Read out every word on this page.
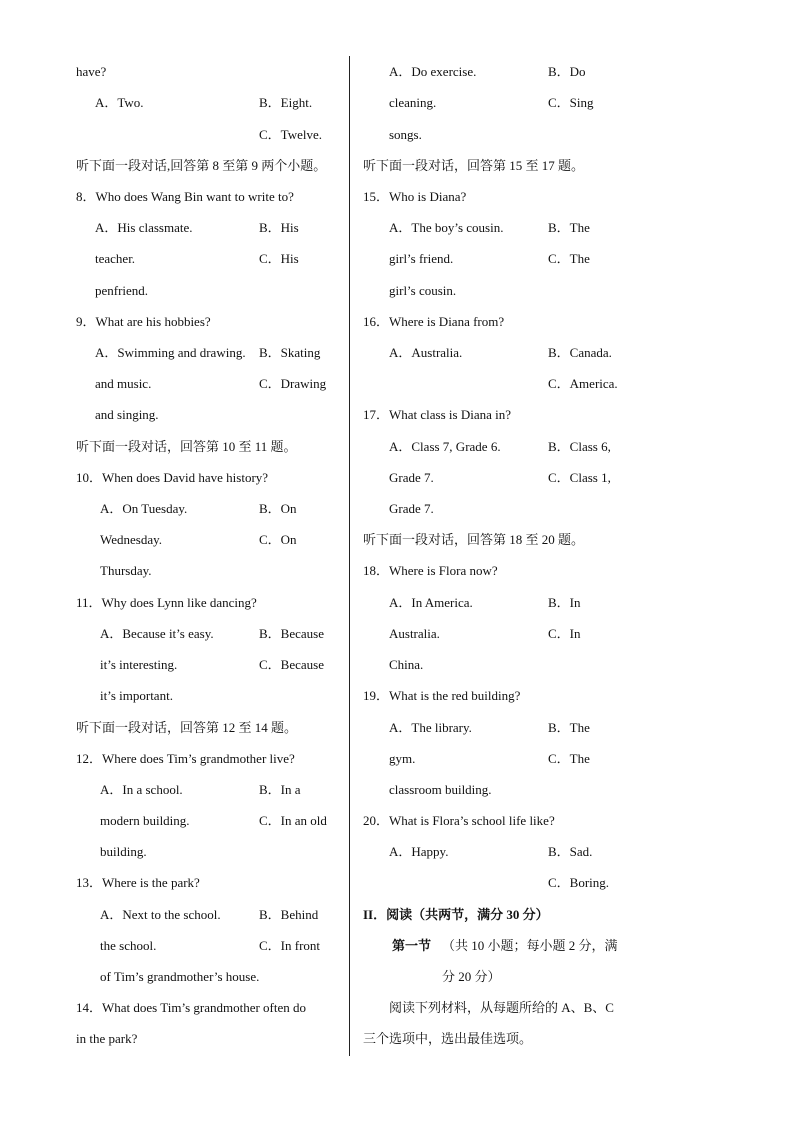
have?
A．Two.	B．Eight.
C．Twelve.
听下面一段对话,回答第 8 至第 9 两个小题。
8．Who does Wang Bin want to write to?
A．His classmate.	B．His
teacher.	C．His
penfriend.
9．What are his hobbies?
A．Swimming and drawing. B．Skating
and music.	C．Drawing
and singing.
听下面一段对话，回答第 10 至 11 题。
10．When does David have history?
A．On Tuesday.	B．On
Wednesday.	C．On
Thursday.
11．Why does Lynn like dancing?
A．Because it’s easy.	B．Because
it’s interesting.	C．Because
it’s important.
听下面一段对话，回答第 12 至 14 题。
12．Where does Tim’s grandmother live?
A．In a school.	B．In a
modern building.	C．In an old
building.
13．Where is the park?
A．Next to the school.	B．Behind
the school.	C．In front
of Tim’s grandmother’s house.
14．What does Tim’s grandmother often do
in the park?
A．Do exercise.	B．Do
cleaning.	C．Sing
songs.
听下面一段对话，回答第 15 至 17 题。
15．Who is Diana?
A．The boy’s cousin.	B．The
girl’s friend.	C．The
girl’s cousin.
16．Where is Diana from?
A．Australia.	B．Canada.
C．America.
17．What class is Diana in?
A．Class 7, Grade 6.	B．Class 6,
Grade 7.	C．Class 1,
Grade 7.
听下面一段对话，回答第 18 至 20 题。
18．Where is Flora now?
A．In America.	B．In
Australia.	C．In
China.
19．What is the red building?
A．The library.	B．The
gym.	C．The
classroom building.
20．What is Flora’s school life like?
A．Happy.	B．Sad.
C．Boring.
II．阅读（共两节，满分 30 分）
第一节 （共 10 小题；每小题 2 分，满
分 20 分）
阅读下列材料，从每题所给的 A、B、C
三个选项中，选出最佳选项。
